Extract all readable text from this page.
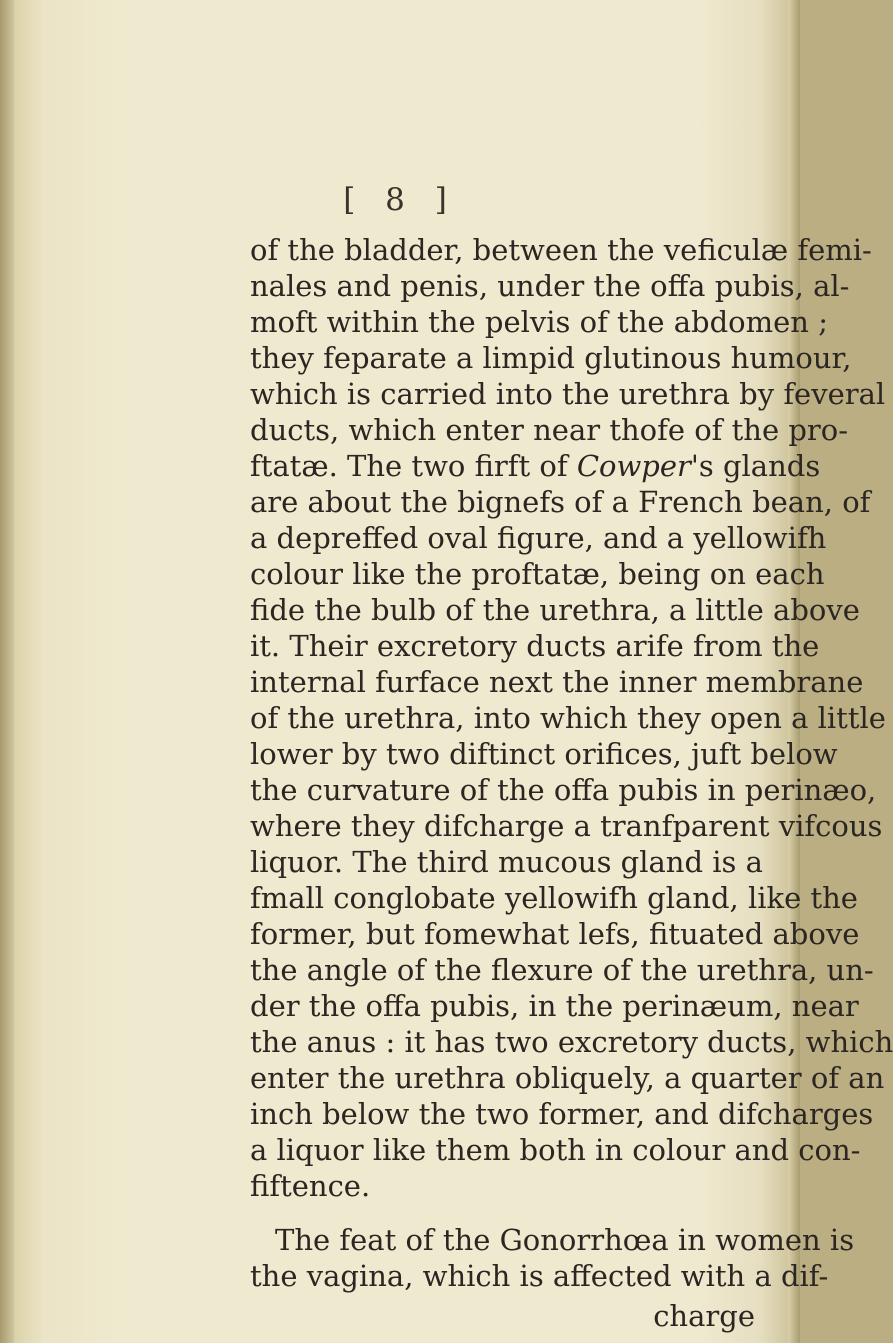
[ 8 ]
of the bladder, between the veficulæ femi-
nales and penis, under the offa pubis, al-
moft within the pelvis of the abdomen ;
they feparate a limpid glutinous humour,
which is carried into the urethra by feveral
ducts, which enter near thofe of the pro-
ftatæ. The two firft of Cowper's glands
are about the bignefs of a French bean, of
a depreffed oval figure, and a yellowifh
colour like the proftatæ, being on each
fide the bulb of the urethra, a little above
it. Their excretory ducts arife from the
internal furface next the inner membrane
of the urethra, into which they open a little
lower by two diftinct orifices, juft below
the curvature of the offa pubis in perinæo,
where they difcharge a tranfparent vifcous
liquor. The third mucous gland is a
fmall conglobate yellowifh gland, like the
former, but fomewhat lefs, fituated above
the angle of the flexure of the urethra, un-
der the offa pubis, in the perinæum, near
the anus : it has two excretory ducts, which
enter the urethra obliquely, a quarter of an
inch below the two former, and difcharges
a liquor like them both in colour and con-
fiftence.
The feat of the Gonorrhœa in women is
the vagina, which is affected with a dif-
charge
